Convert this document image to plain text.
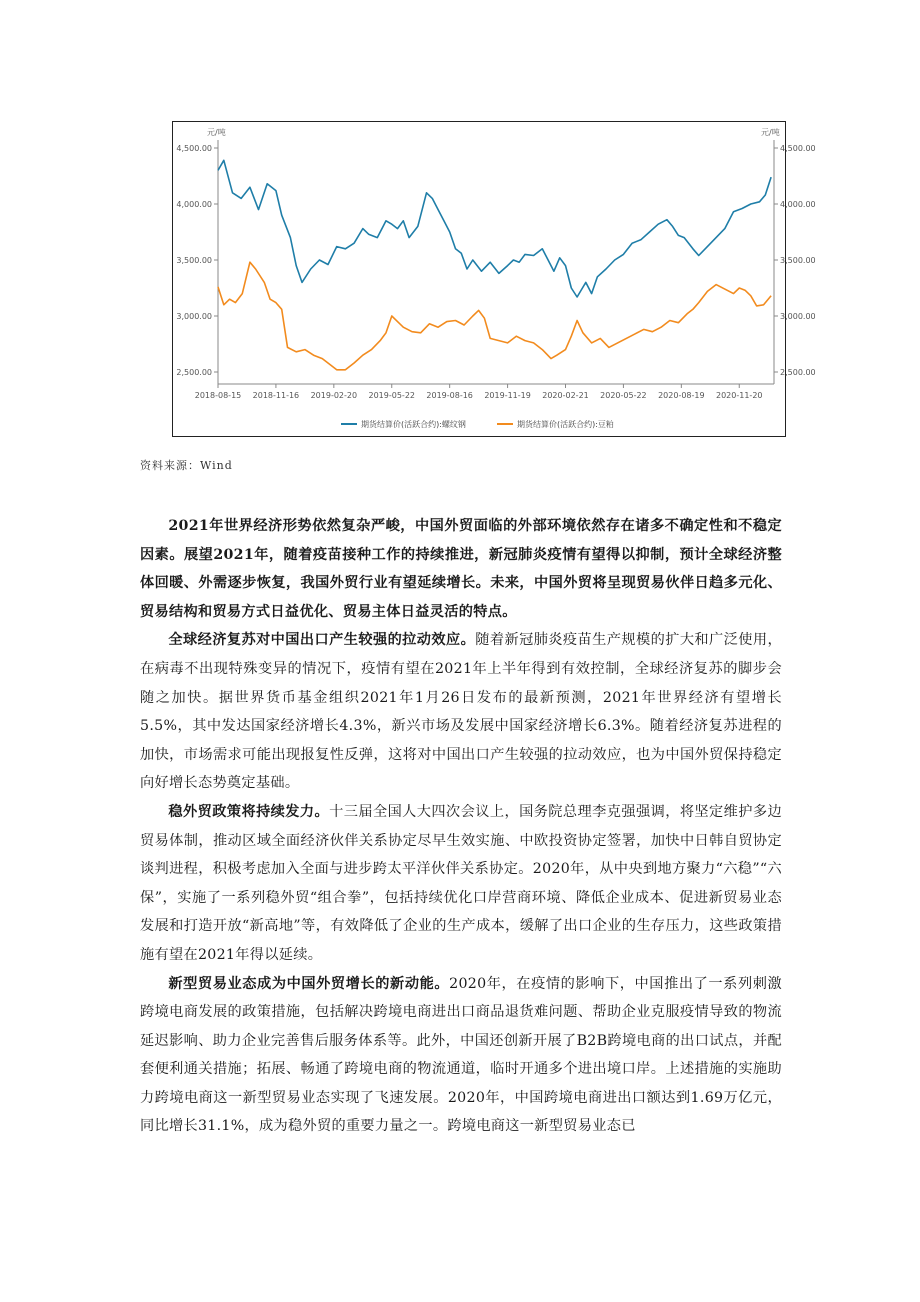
元/吨	元/吨
4,500.00	4,500.00
4,000.00	4,000.00
3,500.00	3,500.00
3,000.00	3,000.00
2,500.00	2,500.00
2018-08-15 2018-11-16 2019-02-20 2019-05-22 2019-08-16 2019-11-19 2020-02-21 2020-05-22 2020-08-19 2020-11-20
期货结算价(活跃合约):螺纹钢	期货结算价(活跃合约):豆粕
资料来源：Wind

2021年世界经济形势依然复杂严峻，中国外贸面临的外部环境依然存在诸多不确定性和不稳定因素。展望2021年，随着疫苗接种工作的持续推进，新冠肺炎疫情有望得以抑制，预计全球经济整体回暖、外需逐步恢复，我国外贸行业有望延续增长。未来，中国外贸将呈现贸易伙伴日趋多元化、贸易结构和贸易方式日益优化、贸易主体日益灵活的特点。

全球经济复苏对中国出口产生较强的拉动效应。随着新冠肺炎疫苗生产规模的扩大和广泛使用，在病毒不出现特殊变异的情况下，疫情有望在2021年上半年得到有效控制，全球经济复苏的脚步会随之加快。据世界货币基金组织2021年1月26日发布的最新预测，2021年世界经济有望增长5.5%，其中发达国家经济增长4.3%，新兴市场及发展中国家经济增长6.3%。随着经济复苏进程的加快，市场需求可能出现报复性反弹，这将对中国出口产生较强的拉动效应，也为中国外贸保持稳定向好增长态势奠定基础。

稳外贸政策将持续发力。十三届全国人大四次会议上，国务院总理李克强强调，将坚定维护多边贸易体制，推动区域全面经济伙伴关系协定尽早生效实施、中欧投资协定签署，加快中日韩自贸协定谈判进程，积极考虑加入全面与进步跨太平洋伙伴关系协定。2020年，从中央到地方聚力“六稳”“六保”，实施了一系列稳外贸“组合拳”，包括持续优化口岸营商环境、降低企业成本、促进新贸易业态发展和打造开放“新高地”等，有效降低了企业的生产成本，缓解了出口企业的生存压力，这些政策措施有望在2021年得以延续。

新型贸易业态成为中国外贸增长的新动能。2020年，在疫情的影响下，中国推出了一系列刺激跨境电商发展的政策措施，包括解决跨境电商进出口商品退货难问题、帮助企业克服疫情导致的物流延迟影响、助力企业完善售后服务体系等。此外，中国还创新开展了B2B跨境电商的出口试点，并配套便利通关措施；拓展、畅通了跨境电商的物流通道，临时开通多个进出境口岸。上述措施的实施助力跨境电商这一新型贸易业态实现了飞速发展。2020年，中国跨境电商进出口额达到1.69万亿元，同比增长31.1%，成为稳外贸的重要力量之一。跨境电商这一新型贸易业态已
